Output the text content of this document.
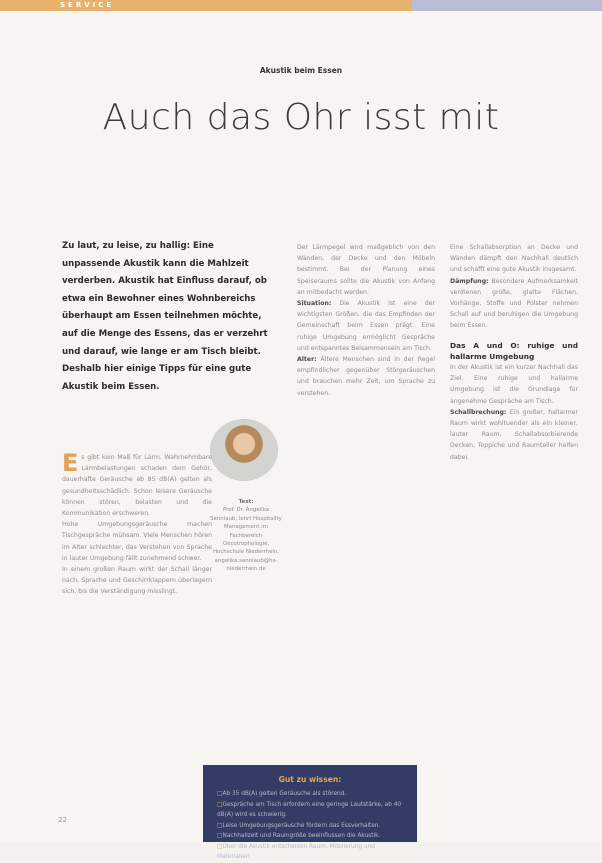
SERVICE
Akustik beim Essen
Auch das Ohr isst mit
Zu laut, zu leise, zu hallig: Eine unpassende Akustik kann die Mahlzeit verderben. Akustik hat Einfluss darauf, ob etwa ein Bewohner eines Wohnbereichs überhaupt am Essen teilnehmen möchte, auf die Menge des Essens, das er verzehrt und darauf, wie lange er am Tisch bleibt. Deshalb hier einige Tipps für eine gute Akustik beim Essen.
Text:
Prof. Dr. Angelika Sennlaub, lehrt Hospitality Management im Fachbereich Oecotrophologie, Hochschule Niederrhein, angelika.sennlaub@hs-niederrhein.de
E s gibt kein Maß für Lärm. Wahrnehmbare Lärmbelastungen schaden dem Gehör, dauerhafte Geräusche ab 85 dB(A) gelten als gesundheitsschädlich. Schon leisere Geräusche können stören, belasten und die Kommunikation erschweren.

Hohe Umgebungsgeräusche machen Tischgespräche mühsam. Viele Menschen hören im Alter schlechter, das Verstehen von Sprache in lauter Umgebung fällt zunehmend schwer.

In einem großen Raum wirkt der Schall länger nach, Sprache und Geschirrklappern überlagern sich, bis die Verständigung misslingt.

Der Lärmpegel wird maßgeblich von den Wänden, der Decke und den Möbeln bestimmt. Bei der Planung eines Speiseraums sollte die Akustik von Anfang an mitbedacht werden.

Situation: Die Akustik ist eine der wichtigsten Größen, die das Empfinden der Gemeinschaft beim Essen prägt. Eine ruhige Umgebung ermöglicht Gespräche und entspanntes Beisammensein am Tisch.

Alter: Ältere Menschen sind in der Regel empfindlicher gegenüber Störgeräuschen und brauchen mehr Zeit, um Sprache zu verstehen.

Eine Schallabsorption an Decke und Wänden dämpft den Nachhall deutlich und schafft eine gute Akustik insgesamt.

Dämpfung: Besondere Aufmerksamkeit verdienen große, glatte Flächen. Vorhänge, Stoffe und Polster nehmen Schall auf und beruhigen die Umgebung beim Essen.

Das A und O: ruhige und hallarme Umgebung

In der Akustik ist ein kurzer Nachhall das Ziel. Eine ruhige und hallarme Umgebung ist die Grundlage für angenehme Gespräche am Tisch.

Schallbrechung: Ein großer, hallarmer Raum wirkt wohltuender als ein kleiner, lauter Raum. Schallabsorbierende Decken, Teppiche und Raumteiler helfen dabei.

Gut zu wissen:
□ Ab 35 dB(A) gelten Geräusche als störend.
□ Gespräche am Tisch erfordern eine geringe Lautstärke, ab 40 dB(A) wird es schwierig.
□ Leise Umgebungsgeräusche fördern das Essverhalten.
□ Nachhallzeit und Raumgröße beeinflussen die Akustik.
□ Über die Akustik entscheiden Raum, Möblierung und Materialien.
22
